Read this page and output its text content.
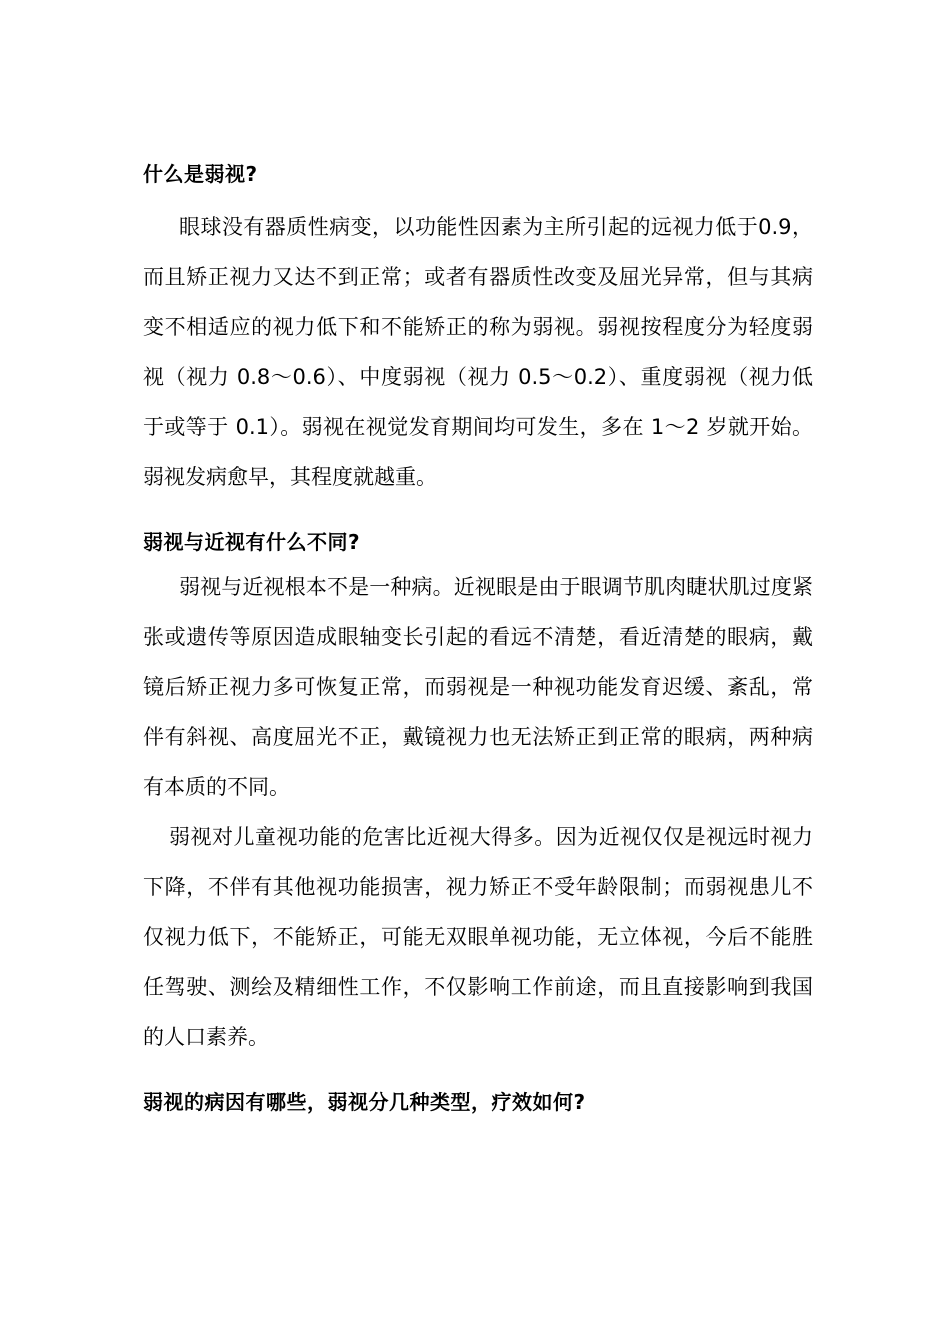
什么是弱视?

眼球没有器质性病变，以功能性因素为主所引起的远视力低于0.9，而且矫正视力又达不到正常；或者有器质性改变及屈光异常，但与其病变不相适应的视力低下和不能矫正的称为弱视。弱视按程度分为轻度弱视（视力 0.8～0.6）、中度弱视（视力 0.5～0.2）、重度弱视（视力低于或等于 0.1）。弱视在视觉发育期间均可发生，多在 1～2 岁就开始。弱视发病愈早，其程度就越重。

弱视与近视有什么不同?

弱视与近视根本不是一种病。近视眼是由于眼调节肌肉睫状肌过度紧张或遗传等原因造成眼轴变长引起的看远不清楚，看近清楚的眼病，戴镜后矫正视力多可恢复正常，而弱视是一种视功能发育迟缓、紊乱，常伴有斜视、高度屈光不正，戴镜视力也无法矫正到正常的眼病，两种病有本质的不同。

弱视对儿童视功能的危害比近视大得多。因为近视仅仅是视远时视力下降，不伴有其他视功能损害，视力矫正不受年龄限制；而弱视患儿不仅视力低下，不能矫正，可能无双眼单视功能，无立体视，今后不能胜任驾驶、测绘及精细性工作，不仅影响工作前途，而且直接影响到我国的人口素养。

弱视的病因有哪些，弱视分几种类型，疗效如何?
